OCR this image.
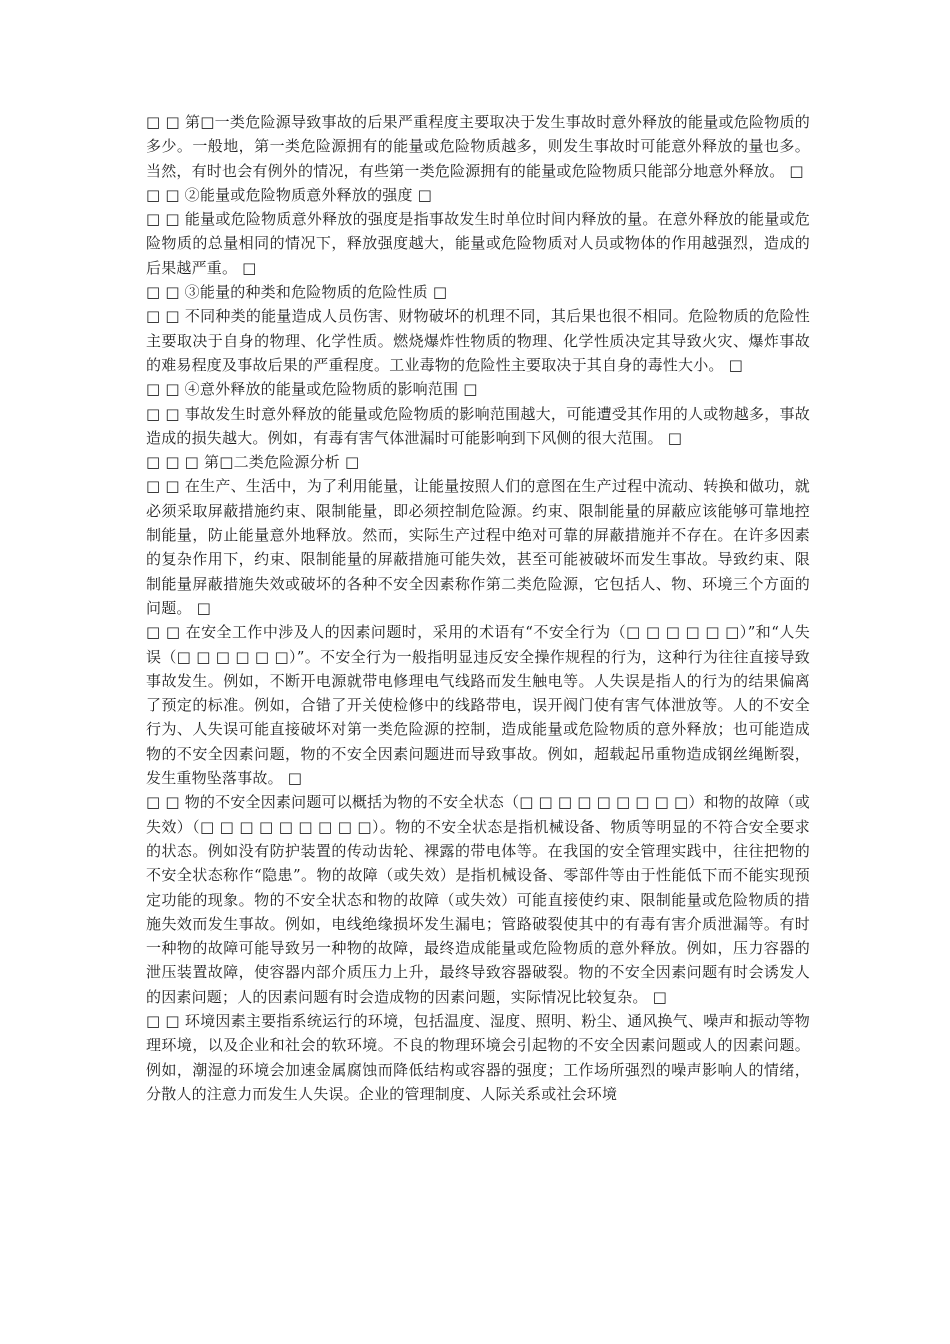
□ □ 第□一类危险源导致事故的后果严重程度主要取决于发生事故时意外释放的能量或危险物质的多少。一般地，第一类危险源拥有的能量或危险物质越多，则发生事故时可能意外释放的量也多。当然，有时也会有例外的情况，有些第一类危险源拥有的能量或危险物质只能部分地意外释放。 □

□ □ ②能量或危险物质意外释放的强度 □

□ □ 能量或危险物质意外释放的强度是指事故发生时单位时间内释放的量。在意外释放的能量或危险物质的总量相同的情况下，释放强度越大，能量或危险物质对人员或物体的作用越强烈，造成的后果越严重。 □

□ □ ③能量的种类和危险物质的危险性质 □

□ □ 不同种类的能量造成人员伤害、财物破坏的机理不同，其后果也很不相同。危险物质的危险性主要取决于自身的物理、化学性质。燃烧爆炸性物质的物理、化学性质决定其导致火灾、爆炸事故的难易程度及事故后果的严重程度。工业毒物的危险性主要取决于其自身的毒性大小。 □

□ □ ④意外释放的能量或危险物质的影响范围 □

□ □ 事故发生时意外释放的能量或危险物质的影响范围越大，可能遭受其作用的人或物越多，事故造成的损失越大。例如，有毒有害气体泄漏时可能影响到下风侧的很大范围。 □

□ □ □ 第□二类危险源分析 □

□ □ 在生产、生活中，为了利用能量，让能量按照人们的意图在生产过程中流动、转换和做功，就必须采取屏蔽措施约束、限制能量，即必须控制危险源。约束、限制能量的屏蔽应该能够可靠地控制能量，防止能量意外地释放。然而，实际生产过程中绝对可靠的屏蔽措施并不存在。在许多因素的复杂作用下，约束、限制能量的屏蔽措施可能失效，甚至可能被破坏而发生事故。导致约束、限制能量屏蔽措施失效或破坏的各种不安全因素称作第二类危险源，它包括人、物、环境三个方面的问题。 □

□ □ 在安全工作中涉及人的因素问题时，采用的术语有“不安全行为（□ □ □ □ □ □）”和“人失误（□ □ □ □ □ □）”。不安全行为一般指明显违反安全操作规程的行为，这种行为往往直接导致事故发生。例如，不断开电源就带电修理电气线路而发生触电等。人失误是指人的行为的结果偏离了预定的标准。例如，合错了开关使检修中的线路带电，误开阀门使有害气体泄放等。人的不安全行为、人失误可能直接破坏对第一类危险源的控制，造成能量或危险物质的意外释放；也可能造成物的不安全因素问题，物的不安全因素问题进而导致事故。例如，超载起吊重物造成钢丝绳断裂，发生重物坠落事故。 □

□ □ 物的不安全因素问题可以概括为物的不安全状态（□ □ □ □ □ □ □ □ □）和物的故障（或失效）（□ □ □ □ □ □ □ □ □）。物的不安全状态是指机械设备、物质等明显的不符合安全要求的状态。例如没有防护装置的传动齿轮、裸露的带电体等。在我国的安全管理实践中，往往把物的不安全状态称作“隐患”。物的故障（或失效）是指机械设备、零部件等由于性能低下而不能实现预定功能的现象。物的不安全状态和物的故障（或失效）可能直接使约束、限制能量或危险物质的措施失效而发生事故。例如，电线绝缘损坏发生漏电；管路破裂使其中的有毒有害介质泄漏等。有时一种物的故障可能导致另一种物的故障，最终造成能量或危险物质的意外释放。例如，压力容器的泄压装置故障，使容器内部介质压力上升，最终导致容器破裂。物的不安全因素问题有时会诱发人的因素问题；人的因素问题有时会造成物的因素问题，实际情况比较复杂。 □

□ □ 环境因素主要指系统运行的环境，包括温度、湿度、照明、粉尘、通风换气、噪声和振动等物理环境，以及企业和社会的软环境。不良的物理环境会引起物的不安全因素问题或人的因素问题。例如，潮湿的环境会加速金属腐蚀而降低结构或容器的强度；工作场所强烈的噪声影响人的情绪，分散人的注意力而发生人失误。企业的管理制度、人际关系或社会环境
